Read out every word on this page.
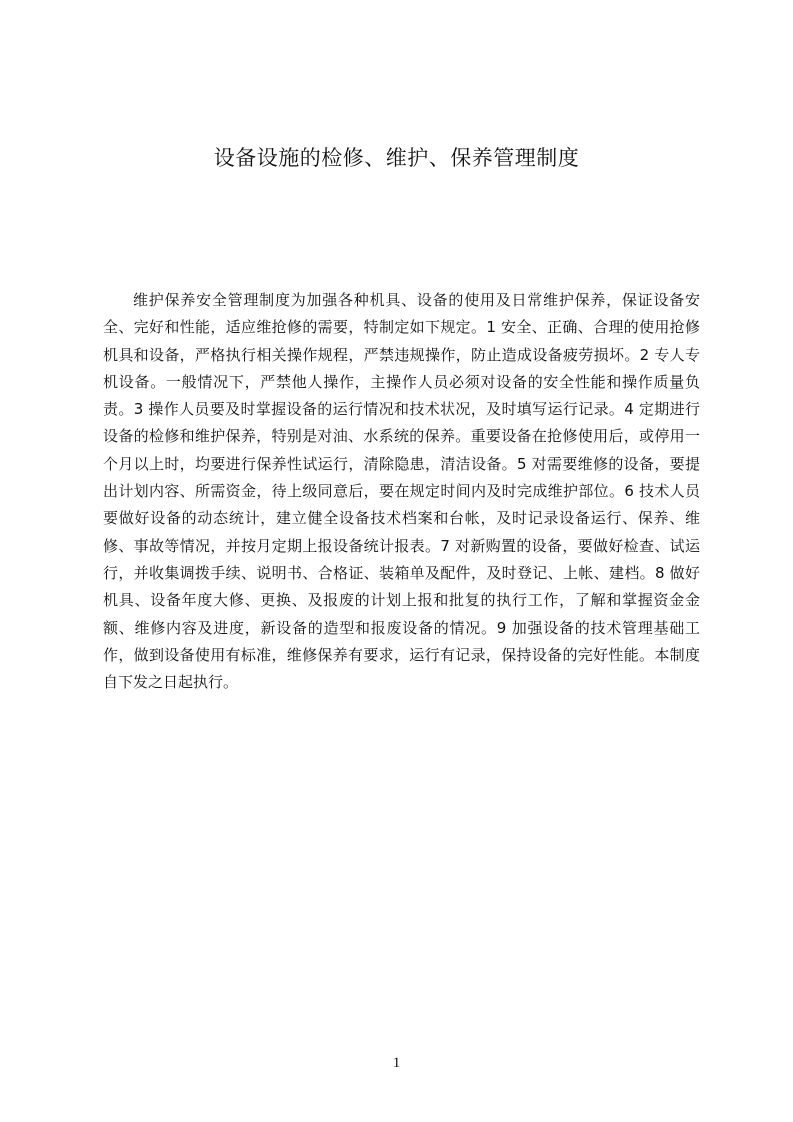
设备设施的检修、维护、保养管理制度

维护保养安全管理制度为加强各种机具、设备的使用及日常维护保养，保证设备安全、完好和性能，适应维抢修的需要，特制定如下规定。1 安全、正确、合理的使用抢修机具和设备，严格执行相关操作规程，严禁违规操作，防止造成设备疲劳损坏。2 专人专机设备。一般情况下，严禁他人操作，主操作人员必须对设备的安全性能和操作质量负责。3 操作人员要及时掌握设备的运行情况和技术状况，及时填写运行记录。4 定期进行设备的检修和维护保养，特别是对油、水系统的保养。重要设备在抢修使用后，或停用一个月以上时，均要进行保养性试运行，清除隐患，清洁设备。5 对需要维修的设备，要提出计划内容、所需资金，待上级同意后，要在规定时间内及时完成维护部位。6 技术人员要做好设备的动态统计，建立健全设备技术档案和台帐，及时记录设备运行、保养、维修、事故等情况，并按月定期上报设备统计报表。7 对新购置的设备，要做好检查、试运行，并收集调拨手续、说明书、合格证、装箱单及配件，及时登记、上帐、建档。8 做好机具、设备年度大修、更换、及报废的计划上报和批复的执行工作，了解和掌握资金金额、维修内容及进度，新设备的造型和报废设备的情况。9 加强设备的技术管理基础工作，做到设备使用有标准，维修保养有要求，运行有记录，保持设备的完好性能。本制度自下发之日起执行。

1
